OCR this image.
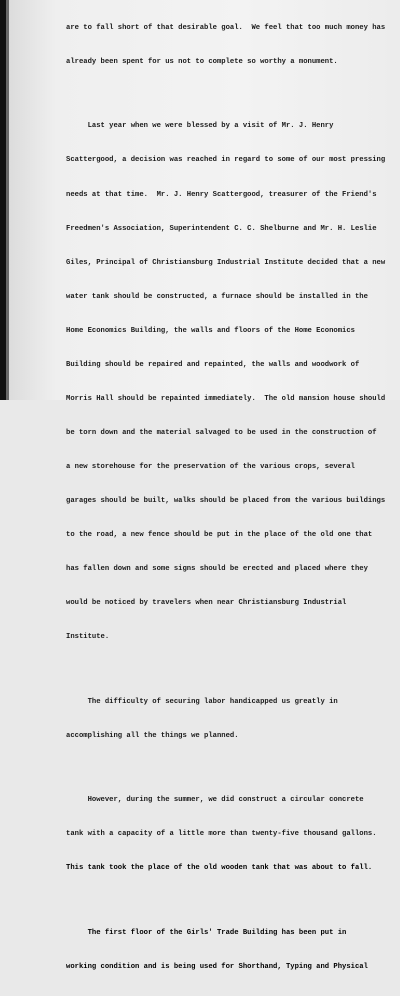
are to fall short of that desirable goal.  We feel that too much money has

already been spent for us not to complete so worthy a monument.

Last year when we were blessed by a visit of Mr. J. Henry

Scattergood, a decision was reached in regard to some of our most pressing

needs at that time.  Mr. J. Henry Scattergood, treasurer of the Friend's

Freedmen's Association, Superintendent C. C. Shelburne and Mr. H. Leslie

Giles, Principal of Christiansburg Industrial Institute decided that a new

water tank should be constructed, a furnace should be installed in the

Home Economics Building, the walls and floors of the Home Economics

Building should be repaired and repainted, the walls and woodwork of

Morris Hall should be repainted immediately.  The old mansion house should

be torn down and the material salvaged to be used in the construction of

a new storehouse for the preservation of the various crops, several

garages should be built, walks should be placed from the various buildings

to the road, a new fence should be put in the place of the old one that

has fallen down and some signs should be erected and placed where they

would be noticed by travelers when near Christiansburg Industrial

Institute.

The difficulty of securing labor handicapped us greatly in

accomplishing all the things we planned.

However, during the summer, we did construct a circular concrete

tank with a capacity of a little more than twenty-five thousand gallons.

This tank took the place of the old wooden tank that was about to fall.

The first floor of the Girls' Trade Building has been put in

working condition and is being used for Shorthand, Typing and Physical
